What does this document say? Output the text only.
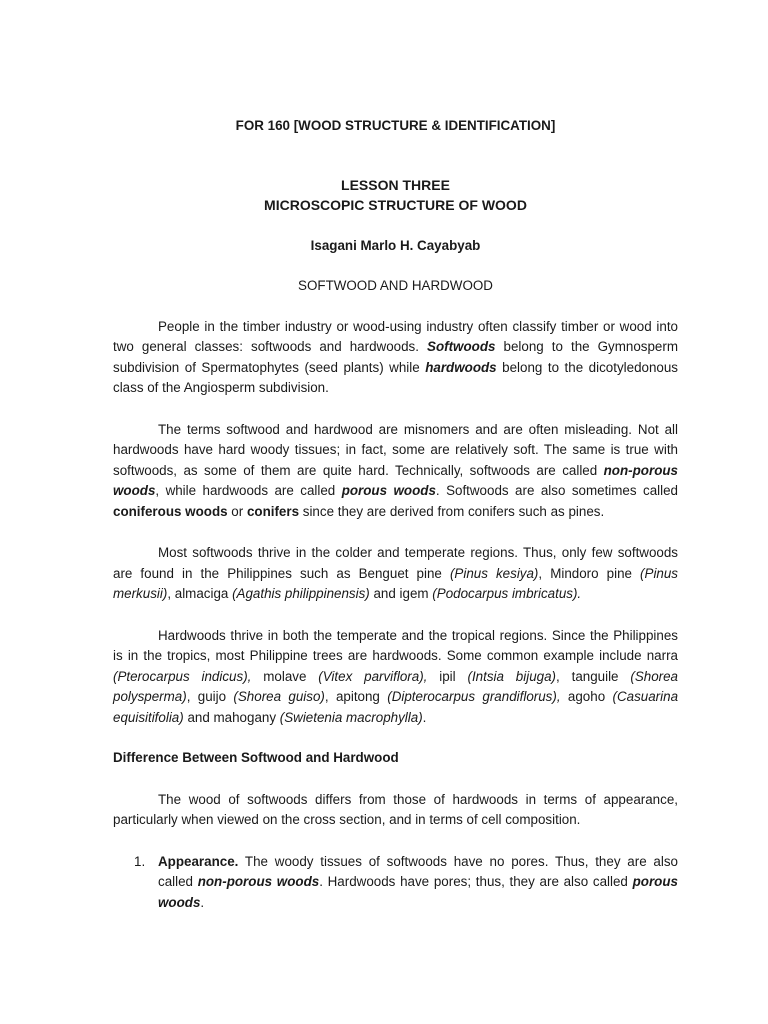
FOR 160 [WOOD STRUCTURE & IDENTIFICATION]
LESSON THREE
MICROSCOPIC STRUCTURE OF WOOD
Isagani Marlo H. Cayabyab
SOFTWOOD AND HARDWOOD

People in the timber industry or wood-using industry often classify timber or wood into two general classes: softwoods and hardwoods. Softwoods belong to the Gymnosperm subdivision of Spermatophytes (seed plants) while hardwoods belong to the dicotyledonous class of the Angiosperm subdivision.

The terms softwood and hardwood are misnomers and are often misleading. Not all hardwoods have hard woody tissues; in fact, some are relatively soft. The same is true with softwoods, as some of them are quite hard. Technically, softwoods are called non-porous woods, while hardwoods are called porous woods. Softwoods are also sometimes called coniferous woods or conifers since they are derived from conifers such as pines.

Most softwoods thrive in the colder and temperate regions. Thus, only few softwoods are found in the Philippines such as Benguet pine (Pinus kesiya), Mindoro pine (Pinus merkusii), almaciga (Agathis philippinensis) and igem (Podocarpus imbricatus).

Hardwoods thrive in both the temperate and the tropical regions. Since the Philippines is in the tropics, most Philippine trees are hardwoods. Some common example include narra (Pterocarpus indicus), molave (Vitex parviflora), ipil (Intsia bijuga), tanguile (Shorea polysperma), guijo (Shorea guiso), apitong (Dipterocarpus grandiflorus), agoho (Casuarina equisitifolia) and mahogany (Swietenia macrophylla).

Difference Between Softwood and Hardwood

The wood of softwoods differs from those of hardwoods in terms of appearance, particularly when viewed on the cross section, and in terms of cell composition.

1. Appearance. The woody tissues of softwoods have no pores. Thus, they are also called non-porous woods. Hardwoods have pores; thus, they are also called porous woods.
